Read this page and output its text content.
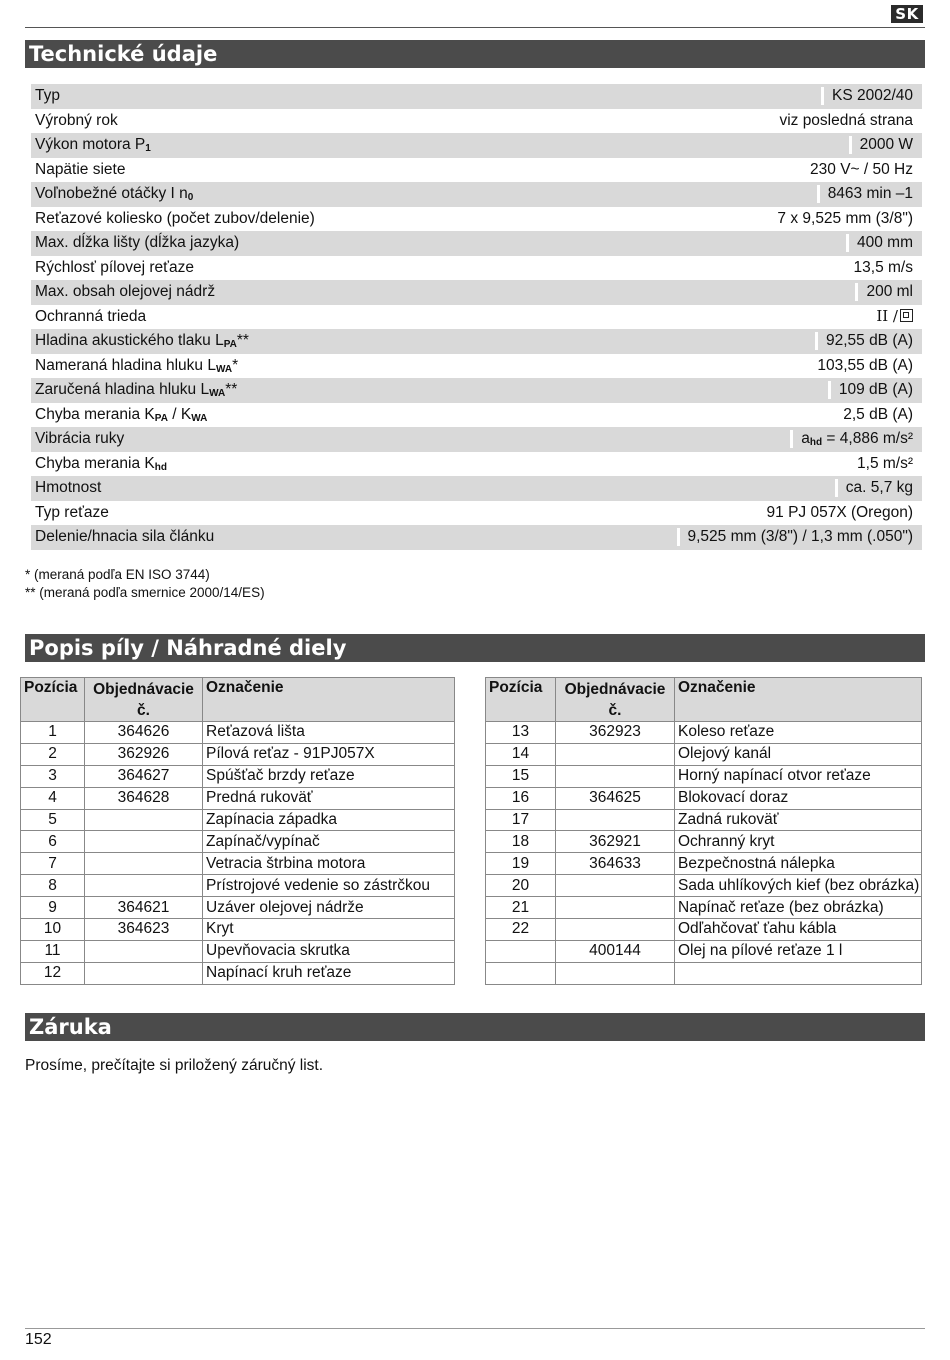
SK
Technické údaje
Typ	KS 2002/40
Výrobný rok	viz posledná strana
Výkon motora $P_1$	2000 W
Napätie siete	230 V~ / 50 Hz
Voľnobežné otáčky I $n_0$	8463 min –1
Reťazové koliesko (počet zubov/delenie)	7 x 9,525 mm (3/8")
Max. dĺžka lišty (dĺžka jazyka)	400 mm
Rýchlosť pílovej reťaze	13,5 m/s
Max. obsah olejovej nádrž	200 ml
Ochranná trieda	II /
Hladina akustického tlaku $L_{PA}**$	92,55 dB (A)
Nameraná hladina hluku $L_{WA}*$	103,55 dB (A)
Zaručená hladina hluku $L_{WA}**$	109 dB (A)
Chyba merania $K_{PA} / K_{WA}$	2,5 dB (A)
Vibrácia ruky	$a_{hd} = 4,886$ m/s²
Chyba merania $K_{hd}$	1,5 m/s²
Hmotnost	ca. 5,7 kg
Typ reťaze	91 PJ 057X (Oregon)
Delenie/hnacia sila článku	9,525 mm (3/8") / 1,3 mm (.050")
* (meraná podľa EN ISO 3744)
** (meraná podľa smernice 2000/14/ES)
Popis píly / Náhradné diely
Pozícia	Objednávacie č.	Označenie
1	364626	Reťazová lišta
2	362926	Pílová reťaz - 91PJ057X
3	364627	Spúšťač brzdy reťaze
4	364628	Predná rukoväť
5		Zapínacia západka
6		Zapínač/vypínač
7		Vetracia štrbina motora
8		Prístrojové vedenie so zástrčkou
9	364621	Uzáver olejovej nádrže
10	364623	Kryt
11		Upevňovacia skrutka
12		Napínací kruh reťaze
Pozícia	Objednávacie č.	Označenie
13	362923	Koleso reťaze
14		Olejový kanál
15		Horný napínací otvor reťaze
16	364625	Blokovací doraz
17		Zadná rukoväť
18	362921	Ochranný kryt
19	364633	Bezpečnostná nálepka
20		Sada uhlíkových kief (bez obrázka)
21		Napínač reťaze (bez obrázka)
22		Odľahčovať ťahu kábla
	400144	Olej na pílové reťaze 1 l

Záruka
Prosíme, prečítajte si priložený záručný list.
152
